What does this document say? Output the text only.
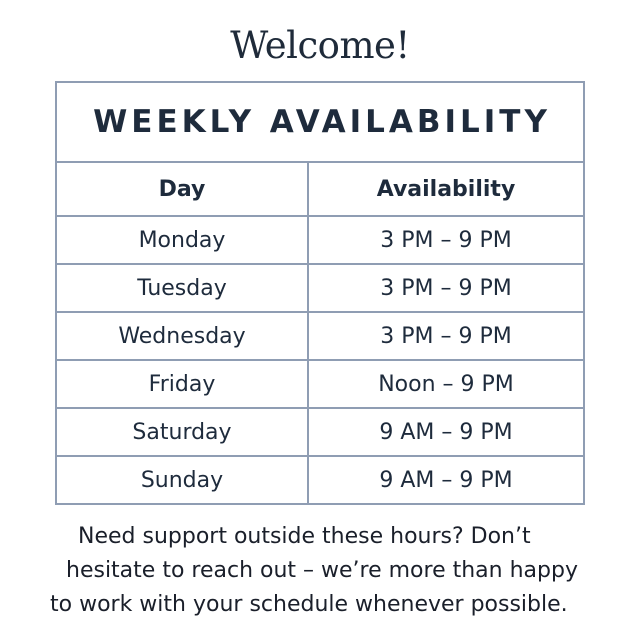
Welcome!
WEEKLY AVAILABILITY
Day	Availability
Monday	3 PM – 9 PM
Tuesday	3 PM – 9 PM
Wednesday	3 PM – 9 PM
Friday	Noon – 9 PM
Saturday	9 AM – 9 PM
Sunday	9 AM – 9 PM
Need support outside these hours? Don’t
hesitate to reach out – we’re more than happy
to work with your schedule whenever possible.
